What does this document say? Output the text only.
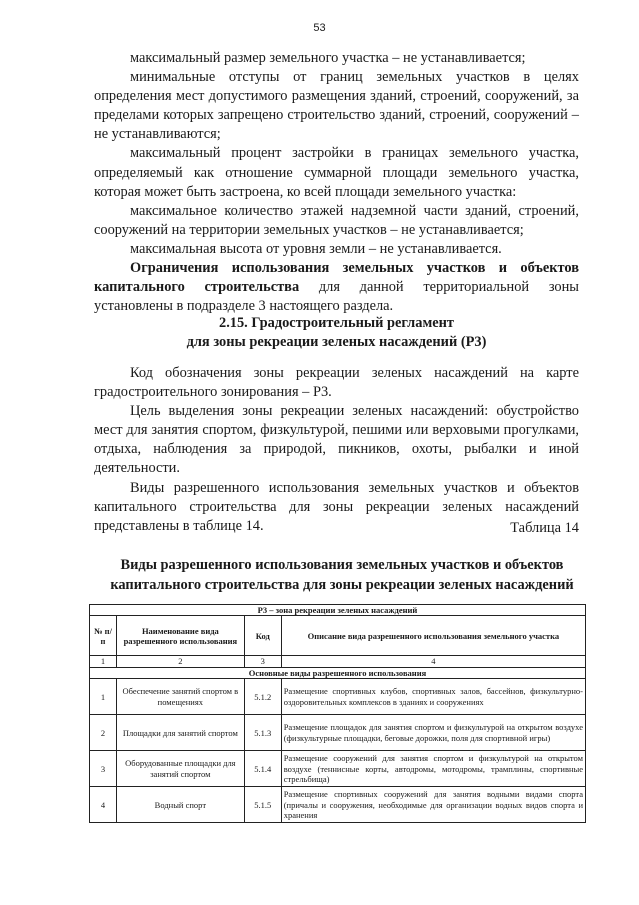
53

максимальный размер земельного участка – не устанавливается;

минимальные отступы от границ земельных участков в целях определения мест допустимого размещения зданий, строений, сооружений, за пределами которых запрещено строительство зданий, строений, сооружений – не устанавливаются;

максимальный процент застройки в границах земельного участка, определяемый как отношение суммарной площади земельного участка, которая может быть застроена, ко всей площади земельного участка:

максимальное количество этажей надземной части зданий, строений, сооружений на территории земельных участков – не устанавливается;

максимальная высота от уровня земли – не устанавливается.

Ограничения использования земельных участков и объектов капитального строительства для данной территориальной зоны установлены в подразделе 3 настоящего раздела.

2.15. Градостроительный регламент
для зоны рекреации зеленых насаждений (Р3)

Код обозначения зоны рекреации зеленых насаждений на карте градостроительного зонирования – Р3.

Цель выделения зоны рекреации зеленых насаждений: обустройство мест для занятия спортом, физкультурой, пешими или верховыми прогулками, отдыха, наблюдения за природой, пикников, охоты, рыбалки и иной деятельности.

Виды разрешенного использования земельных участков и объектов капитального строительства для зоны рекреации зеленых насаждений представлены в таблице 14.	Таблица 14
Виды разрешенного использования земельных участков и объектов
капитального строительства для зоны рекреации зеленых насаждений
Р3 – зона рекреации зеленых насаждений			
№ п/п	Наименование вида разрешенного использования	Код	Описание вида разрешенного использования земельного участка
1	2	3	4
Основные виды разрешенного использования			
1	Обеспечение занятий спортом в помещениях	5.1.2	Размещение спортивных клубов, спортивных залов, бассейнов, физкультурно-оздоровительных комплексов в зданиях и сооружениях
2	Площадки для занятий спортом	5.1.3	Размещение площадок для занятия спортом и физкультурой на открытом воздухе (физкультурные площадки, беговые дорожки, поля для спортивной игры)
3	Оборудованные площадки для занятий спортом	5.1.4	Размещение сооружений для занятия спортом и физкультурой на открытом воздухе (теннисные корты, автодромы, мотодромы, трамплины, спортивные стрельбища)
4	Водный спорт	5.1.5	Размещение спортивных сооружений для занятия водными видами спорта (причалы и сооружения, необходимые для организации водных видов спорта и хранения
